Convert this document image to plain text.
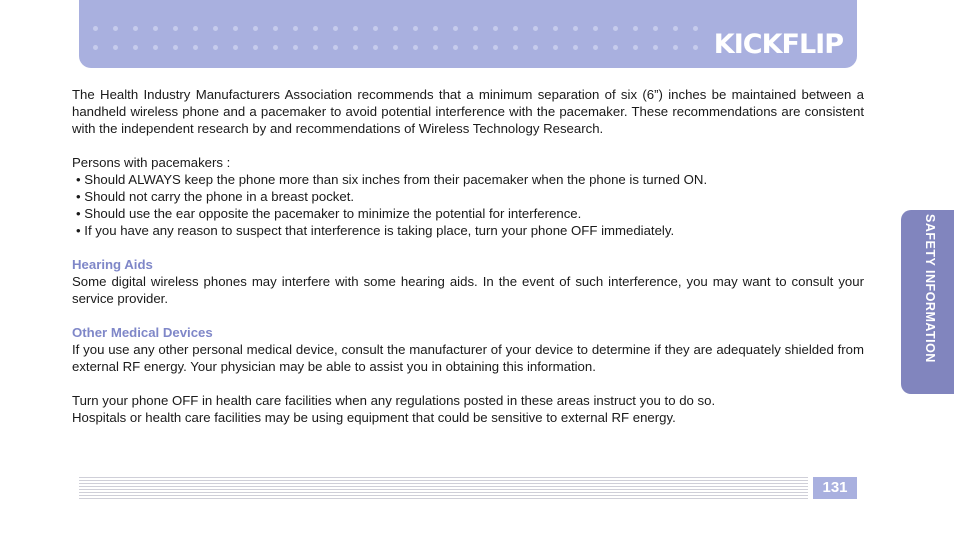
KICKFLIP
SAFETY INFORMATION

The Health Industry Manufacturers Association recommends that a minimum separation of six (6”) inches be maintained between a handheld wireless phone and a pacemaker to avoid potential interference with the pacemaker. These recommendations are consistent with the independent research by and recommendations of Wireless Technology Research.

Persons with pacemakers :

• Should ALWAYS keep the phone more than six inches from their pacemaker when the phone is turned ON.

• Should not carry the phone in a breast pocket.

• Should use the ear opposite the pacemaker to minimize the potential for interference.

• If you have any reason to suspect that interference is taking place, turn your phone OFF immediately.

Hearing Aids

Some digital wireless phones may interfere with some hearing aids. In the event of such interference, you may want to consult your service provider.

Other Medical Devices

If you use any other personal medical device, consult the manufacturer of your device to determine if they are adequately shielded from external RF energy. Your physician may be able to assist you in obtaining this information.

Turn your phone OFF in health care facilities when any regulations posted in these areas instruct you to do so.

Hospitals or health care facilities may be using equipment that could be sensitive to external RF energy.

131
